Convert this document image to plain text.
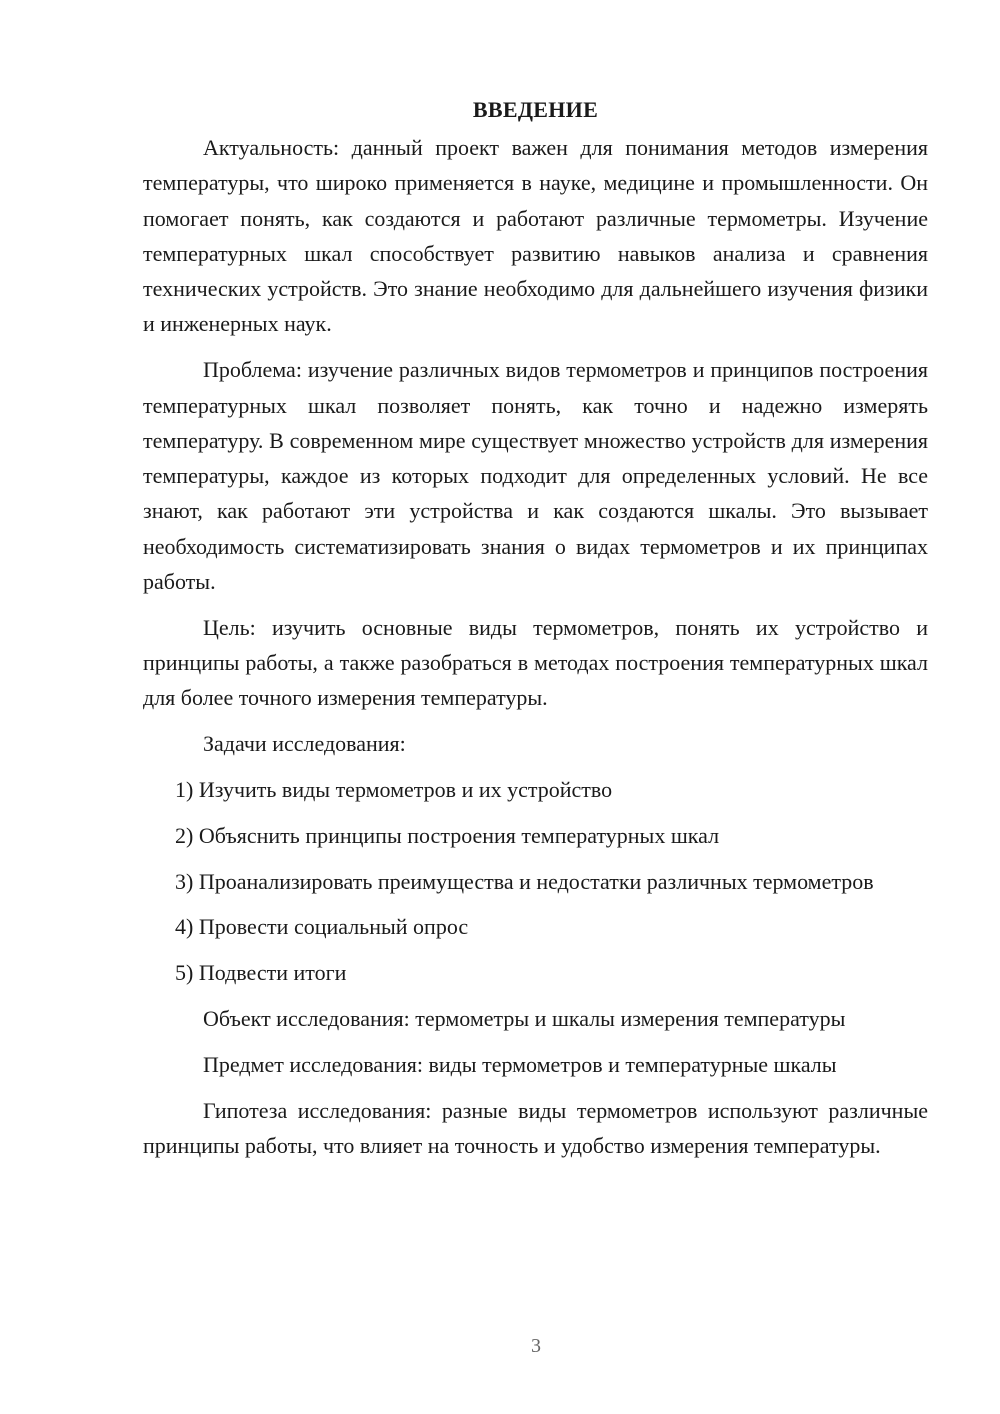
ВВЕДЕНИЕ

Актуальность: данный проект важен для понимания методов измерения температуры, что широко применяется в науке, медицине и промышленности. Он помогает понять, как создаются и работают различные термометры. Изучение температурных шкал способствует развитию навыков анализа и сравнения технических устройств. Это знание необходимо для дальнейшего изучения физики и инженерных наук.

Проблема: изучение различных видов термометров и принципов построения температурных шкал позволяет понять, как точно и надежно измерять температуру. В современном мире существует множество устройств для измерения температуры, каждое из которых подходит для определенных условий. Не все знают, как работают эти устройства и как создаются шкалы. Это вызывает необходимость систематизировать знания о видах термометров и их принципах работы.

Цель: изучить основные виды термометров, понять их устройство и принципы работы, а также разобраться в методах построения температурных шкал для более точного измерения температуры.

Задачи исследования:

1) Изучить виды термометров и их устройство

2) Объяснить принципы построения температурных шкал

3) Проанализировать преимущества и недостатки различных термометров

4) Провести социальный опрос

5) Подвести итоги

Объект исследования: термометры и шкалы измерения температуры

Предмет исследования: виды термометров и температурные шкалы

Гипотеза исследования: разные виды термометров используют различные принципы работы, что влияет на точность и удобство измерения температуры.

3
